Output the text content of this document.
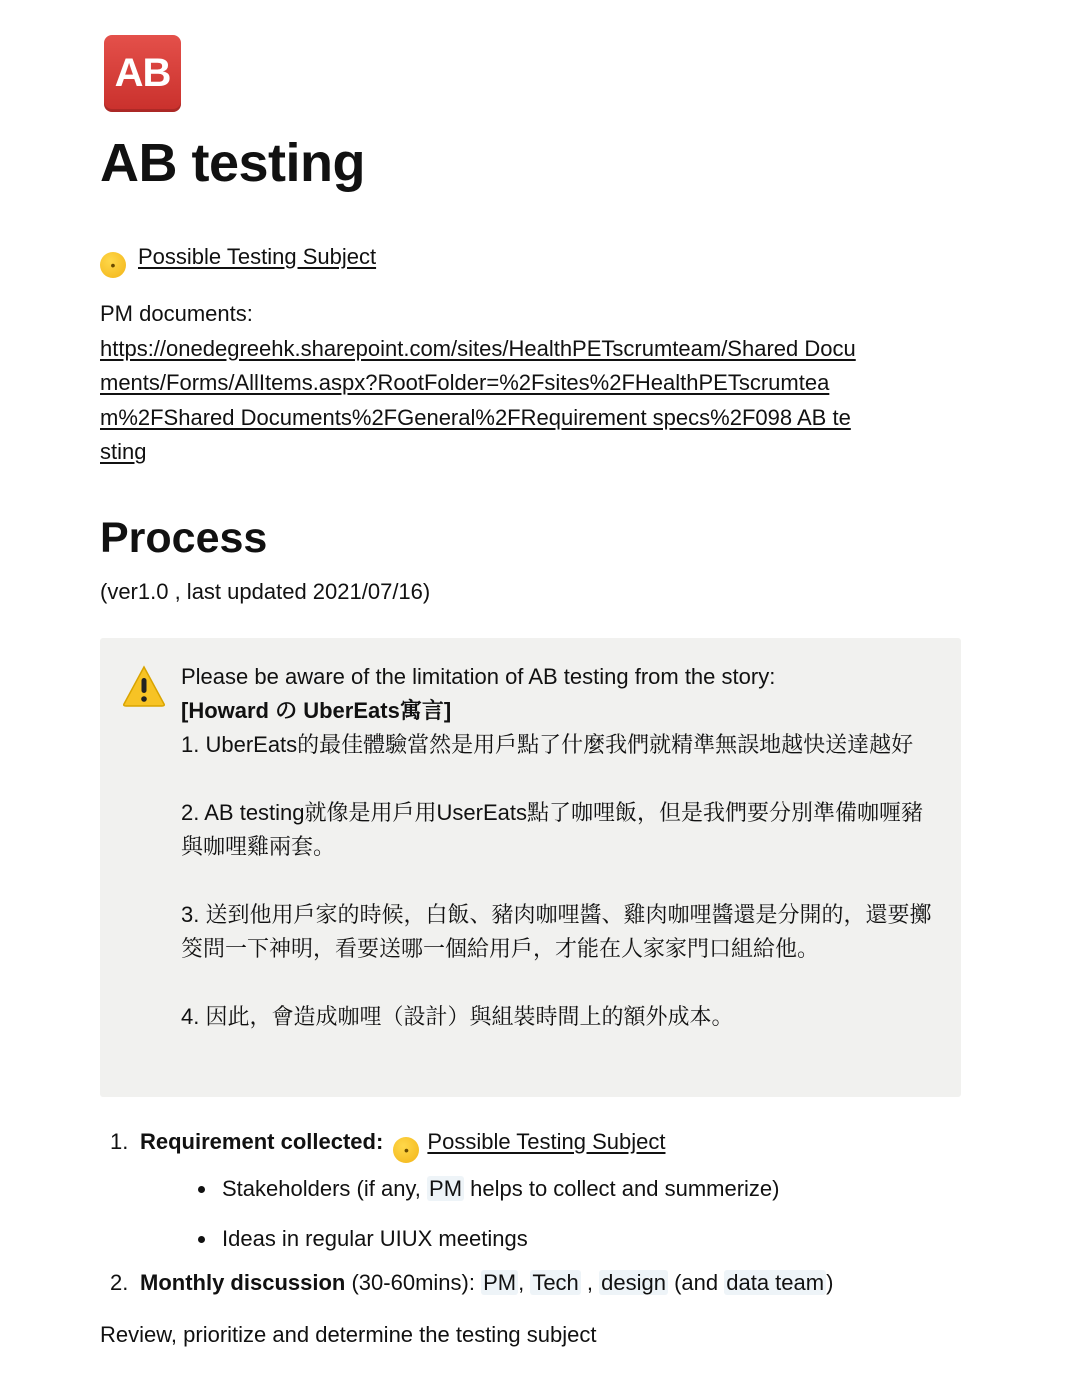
AB
AB testing
• Possible Testing Subject
PM documents:
https://onedegreehk.sharepoint.com/sites/HealthPETscrumteam/Shared Documents/Forms/AllItems.aspx?RootFolder=%2Fsites%2FHealthPETscrumteam%2FShared Documents%2FGeneral%2FRequirement specs%2F098 AB testing
Process
(ver1.0 , last updated 2021/07/16)

Please be aware of the limitation of AB testing from the story:

[Howard の UberEats寓言]

1. UberEats的最佳體驗當然是用戶點了什麼我們就精準無誤地越快送達越好

2. AB testing就像是用戶用UserEats點了咖哩飯，但是我們要分別準備咖喱豬與咖哩雞兩套。

3. 送到他用戶家的時候，白飯、豬肉咖哩醬、雞肉咖哩醬還是分開的，還要擲筊問一下神明，看要送哪一個給用戶，才能在人家家門口組給他。

4. 因此，會造成咖哩（設計）與組裝時間上的額外成本。

1. Requirement collected: • Possible Testing Subject
Stakeholders (if any, PM helps to collect and summerize)
Ideas in regular UIUX meetings
2. Monthly discussion (30-60mins): PM, Tech , design (and data team)
Review, prioritize and determine the testing subject
